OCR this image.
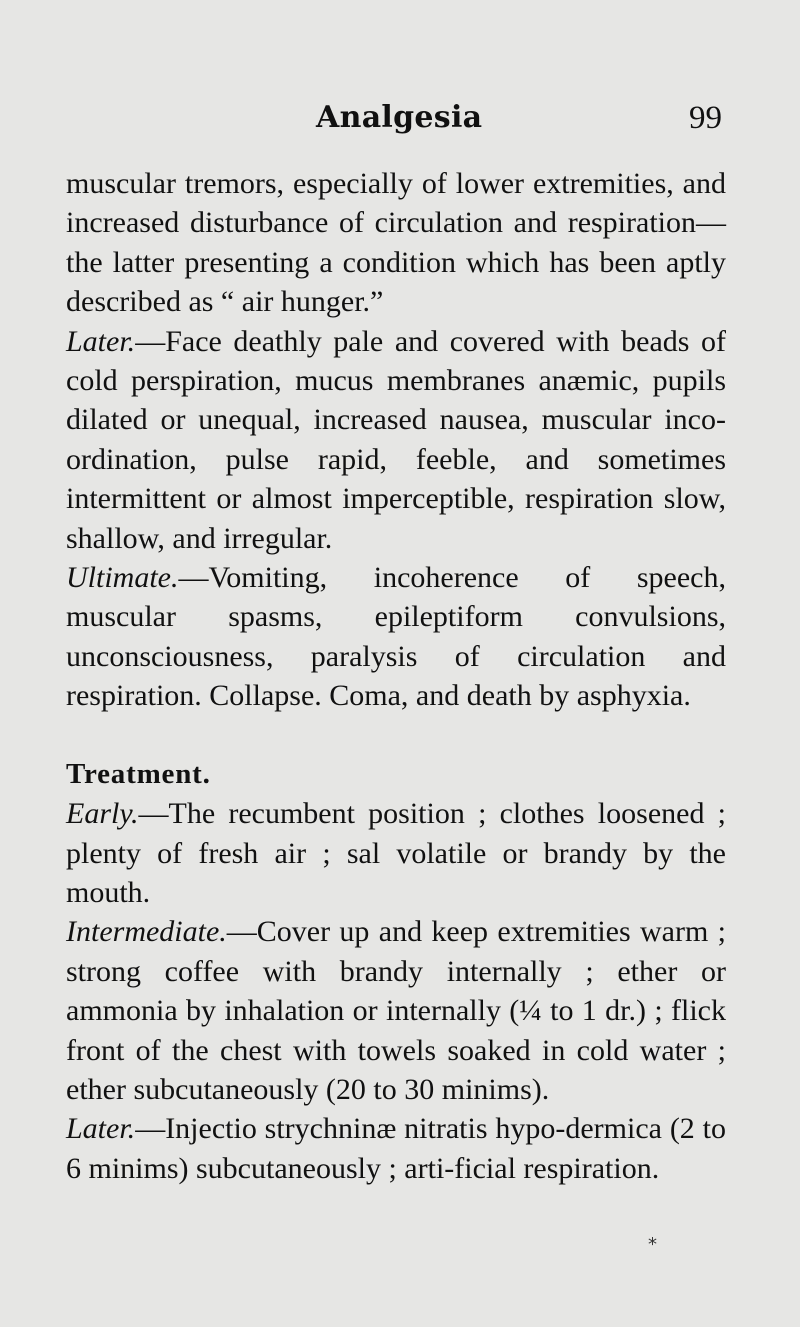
Analgesia	99

muscular tremors, especially of lower extremities, and increased disturbance of circulation and respiration—the latter presenting a condition which has been aptly described as “ air hunger.”

Later.—Face deathly pale and covered with beads of cold perspiration, mucus membranes anæmic, pupils dilated or unequal, increased nausea, muscular inco-ordination, pulse rapid, feeble, and sometimes intermittent or almost imperceptible, respiration slow, shallow, and irregular.

Ultimate.—Vomiting, incoherence of speech, muscular spasms, epileptiform convulsions, unconsciousness, paralysis of circulation and respiration. Collapse. Coma, and death by asphyxia.

Treatment.

Early.—The recumbent position ; clothes loosened ; plenty of fresh air ; sal volatile or brandy by the mouth.

Intermediate.—Cover up and keep extremities warm ; strong coffee with brandy internally ; ether or ammonia by inhalation or internally (¼ to 1 dr.) ; flick front of the chest with towels soaked in cold water ; ether subcutaneously (20 to 30 minims).

Later.—Injectio strychninæ nitratis hypo-dermica (2 to 6 minims) subcutaneously ; arti-ficial respiration.

*
